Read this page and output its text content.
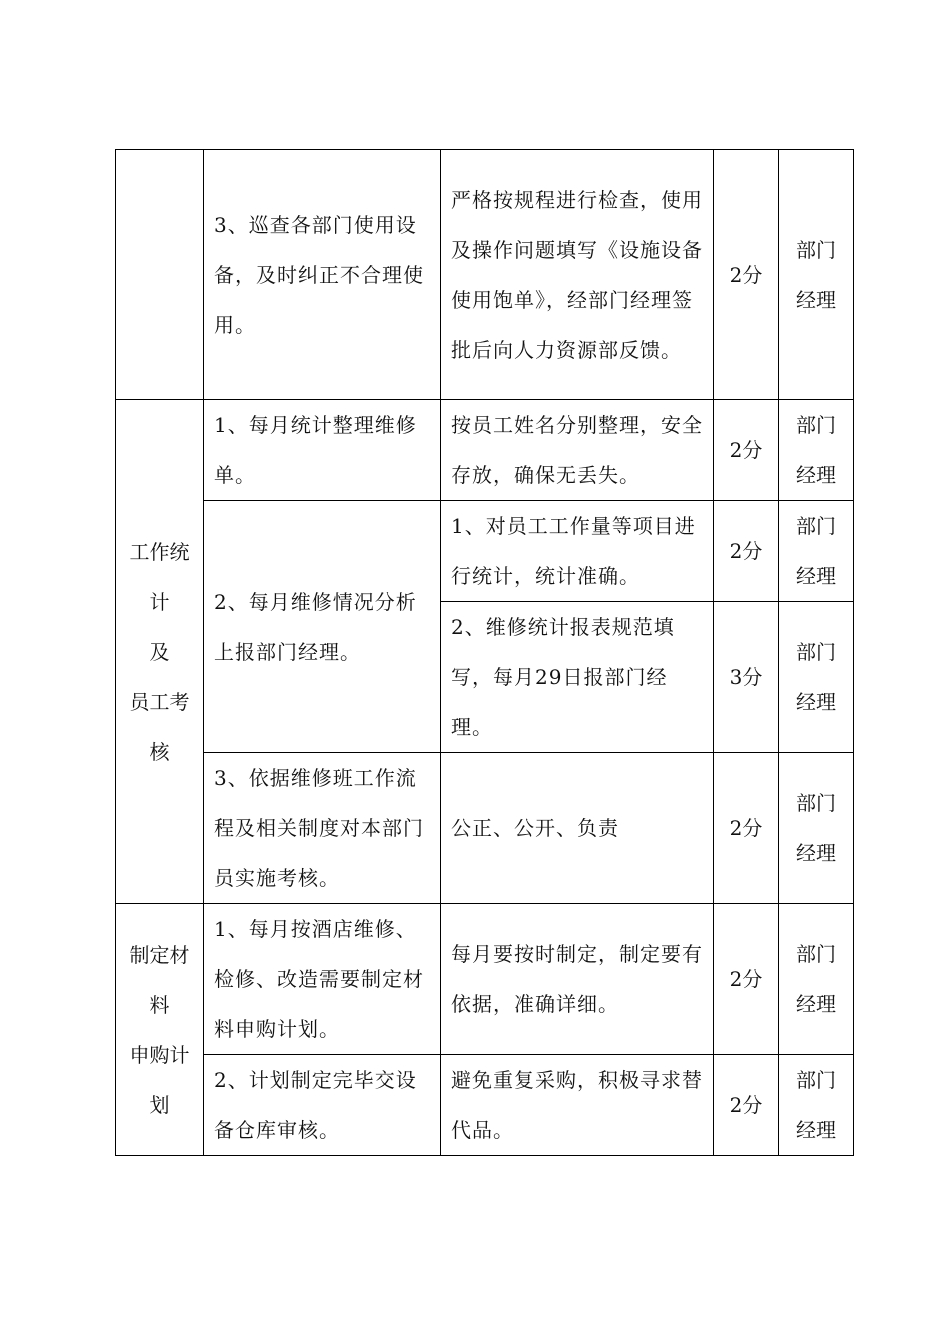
	3、巡查各部门使用设备，及时纠正不合理使用。	严格按规程进行检查，使用及操作问题填写《设施设备使用饱单》，经部门经理签批后向人力资源部反馈。	2分	部门
经理

工作统
计
及
员工考
核	1、每月统计整理维修单。	按员工姓名分别整理，安全存放，确保无丢失。	2分	部门
经理

	2、每月维修情况分析上报部门经理。	1、对员工工作量等项目进行统计，统计准确。	2分	部门
经理

		2、维修统计报表规范填写，每月29日报部门经理。	3分	部门
经理

	3、依据维修班工作流程及相关制度对本部门员实施考核。	公正、公开、负责	2分	部门
经理

制定材
料
申购计
划	1、每月按酒店维修、检修、改造需要制定材料申购计划。	每月要按时制定，制定要有依据，准确详细。	2分	部门
经理

	2、计划制定完毕交设备仓库审核。	避免重复采购，积极寻求替代品。	2分	部门
经理
